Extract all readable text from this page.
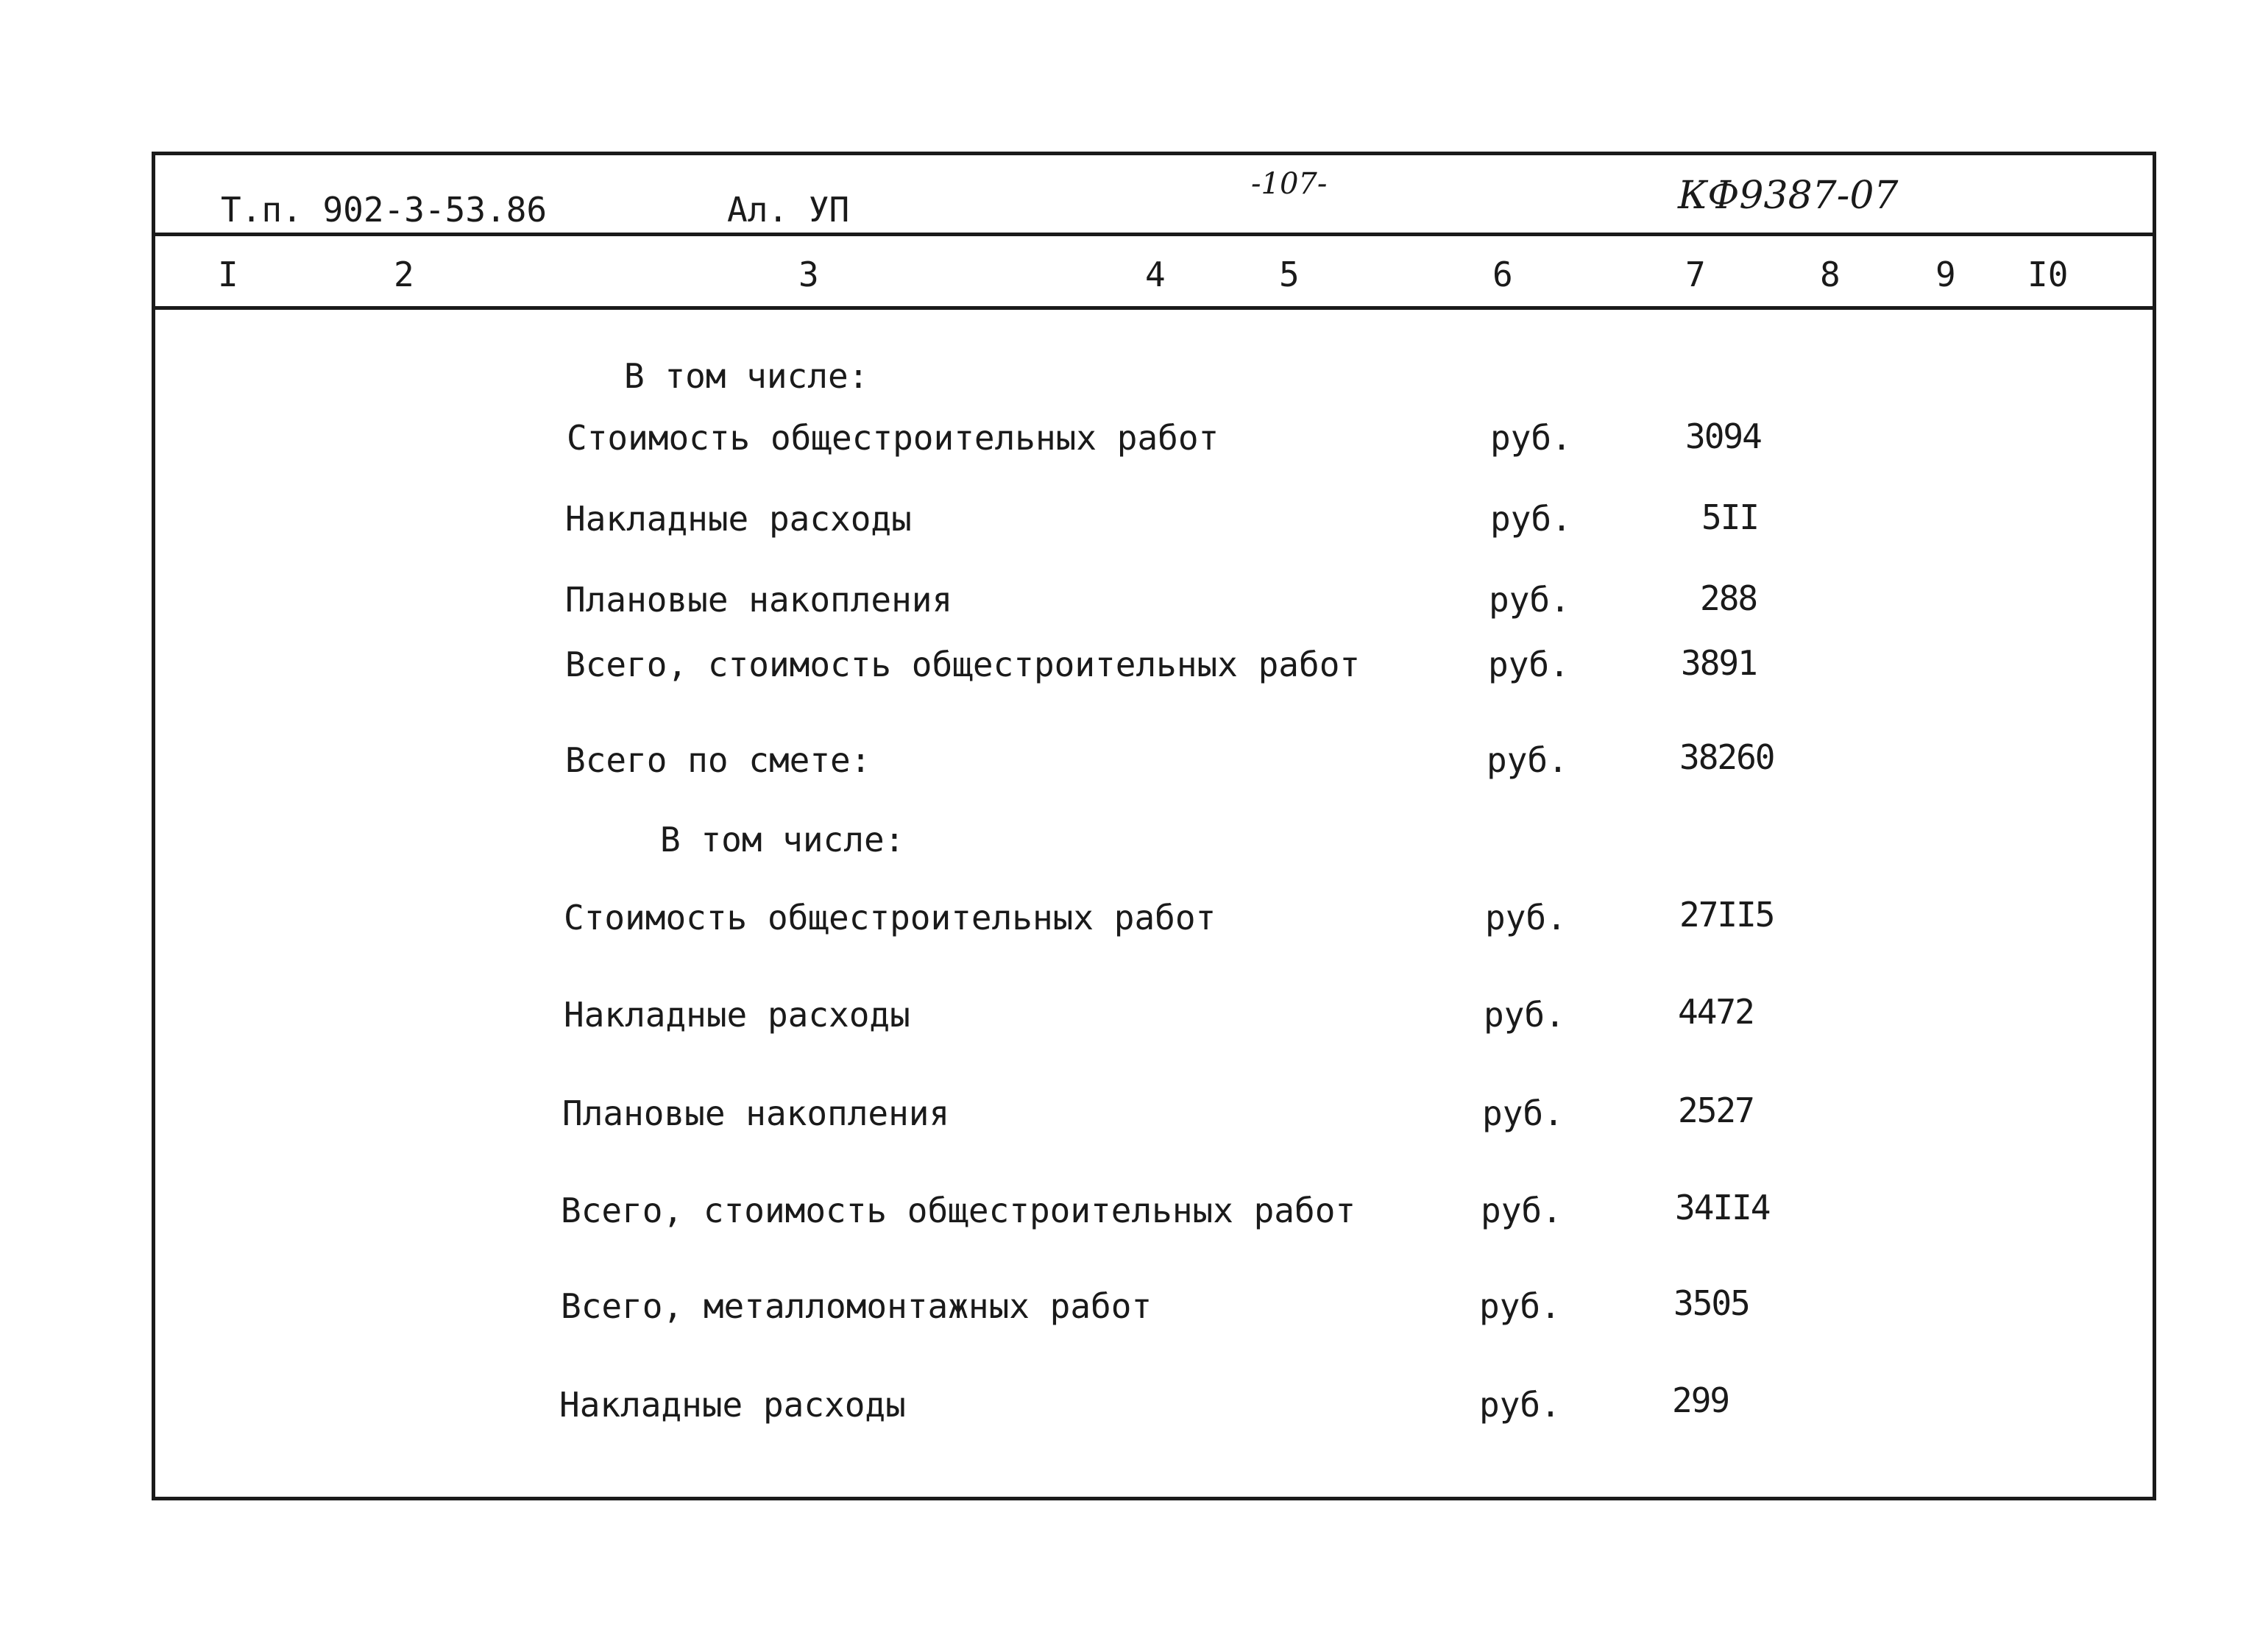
Т.п. 902-3-53.86	Ал. УП
-107-	КФ9387-07
I	2	3	4	5	6	7	8	9 I0
В том числе:
Стоимость общестроительных работ	руб.	3094
Накладные расходы	руб.	5II
Плановые накопления	руб.	288
Всего, стоимость общестроительных работ	руб.	3891
Всего по смете:	руб.	38260
В том числе:
Стоимость общестроительных работ	руб.	27II5
Накладные расходы	руб.	4472
Плановые накопления	руб.	2527
Всего, стоимость общестроительных работ	руб.	34II4
Всего, металломонтажных работ	руб.	3505
Накладные расходы	руб.	299
